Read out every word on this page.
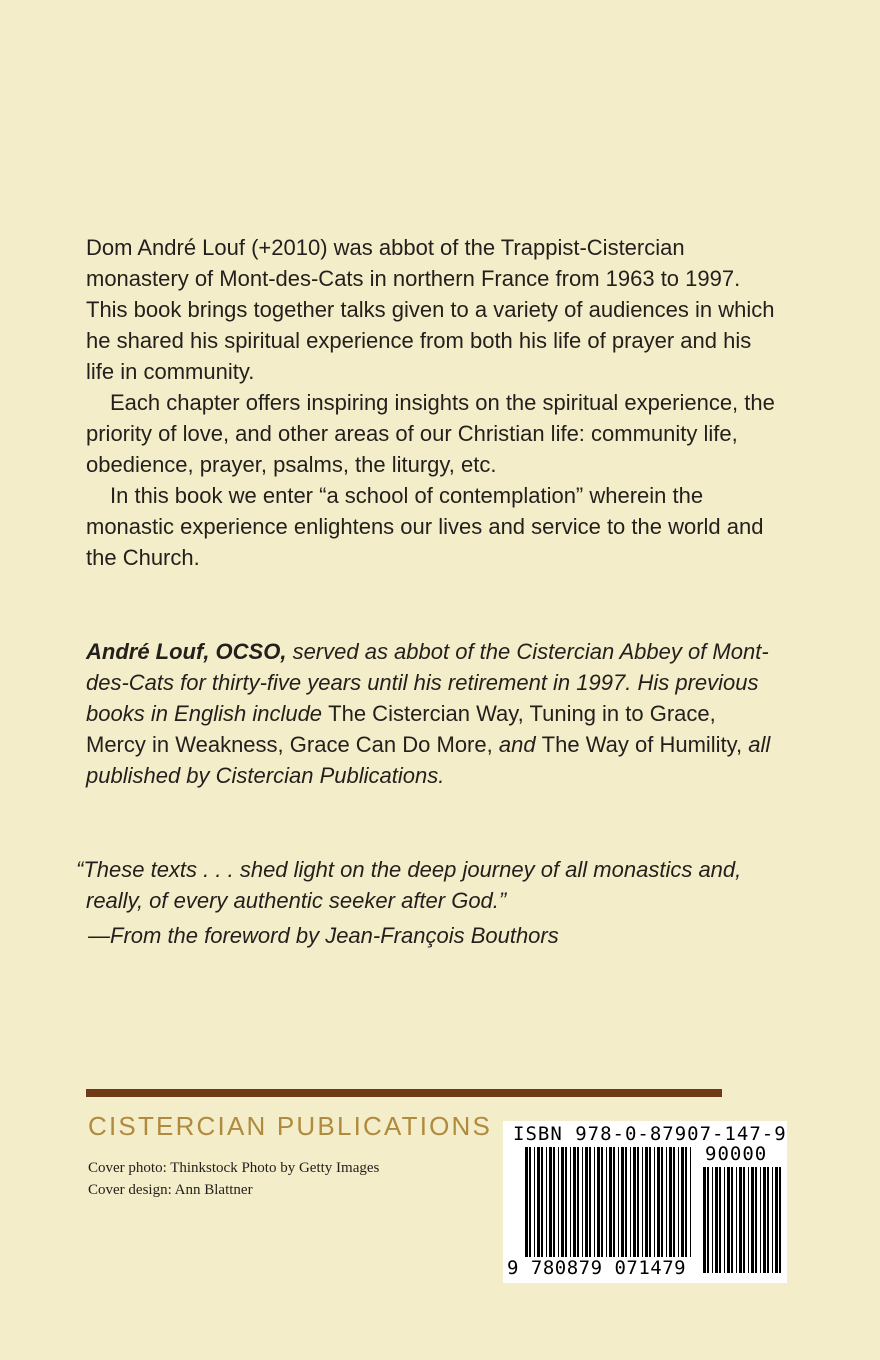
Dom André Louf (+2010) was abbot of the Trappist-Cistercian monastery of Mont-des-Cats in northern France from 1963 to 1997. This book brings together talks given to a variety of audiences in which he shared his spiritual experience from both his life of prayer and his life in community.

Each chapter offers inspiring insights on the spiritual experience, the priority of love, and other areas of our Christian life: community life, obedience, prayer, psalms, the liturgy, etc.

In this book we enter “a school of contemplation” wherein the monastic experience enlightens our lives and service to the world and the Church.

André Louf, OCSO, served as abbot of the Cistercian Abbey of Mont-des-Cats for thirty-five years until his retirement in 1997. His previous books in English include The Cistercian Way, Tuning in to Grace, Mercy in Weakness, Grace Can Do More, and The Way of Humility, all published by Cistercian Publications.
“These texts . . . shed light on the deep journey of all monastics and,
really, of every authentic seeker after God.”
—From the foreword by Jean-François Bouthors
CISTERCIAN PUBLICATIONS
Cover photo: Thinkstock Photo by Getty Images
Cover design: Ann Blattner
ISBN 978-0-87907-147-9
90000
9 780879 071479
